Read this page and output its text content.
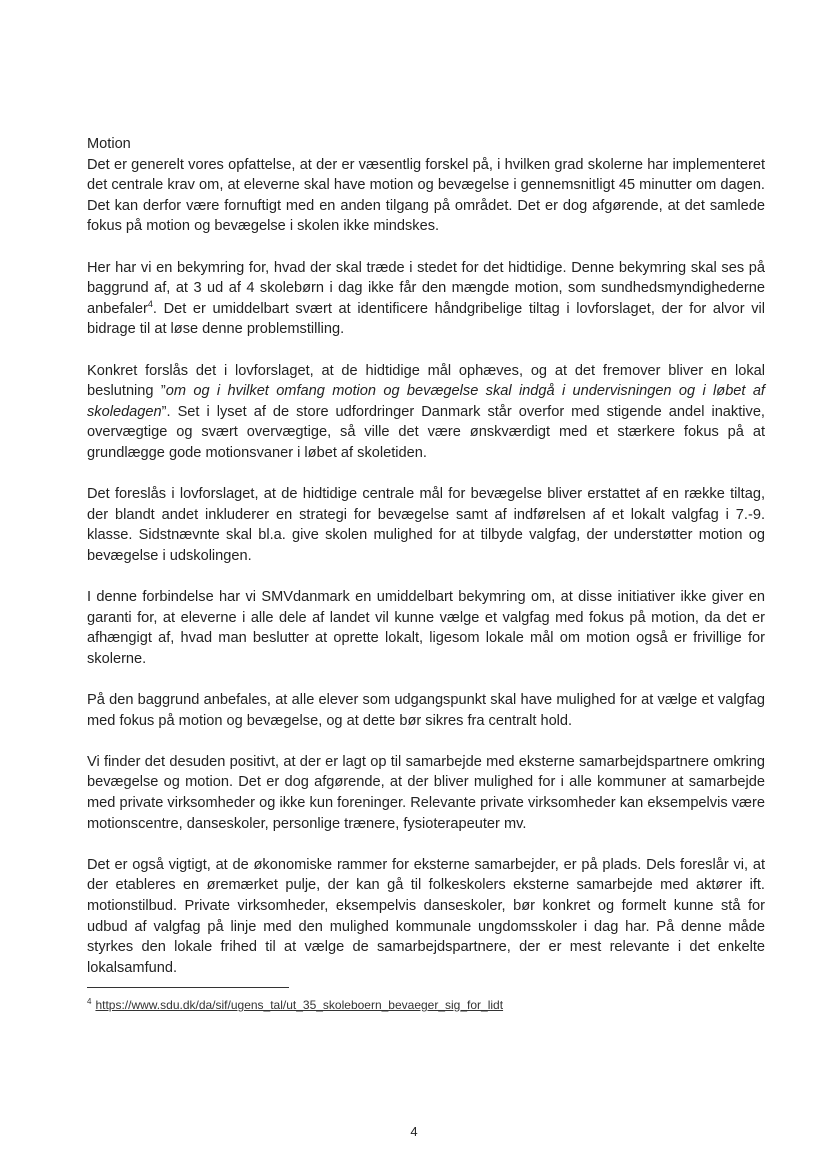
Motion

Det er generelt vores opfattelse, at der er væsentlig forskel på, i hvilken grad skolerne har implementeret det centrale krav om, at eleverne skal have motion og bevægelse i gennemsnitligt 45 minutter om dagen. Det kan derfor være fornuftigt med en anden tilgang på området. Det er dog afgørende, at det samlede fokus på motion og bevægelse i skolen ikke mindskes.

Her har vi en bekymring for, hvad der skal træde i stedet for det hidtidige. Denne bekymring skal ses på baggrund af, at 3 ud af 4 skolebørn i dag ikke får den mængde motion, som sundhedsmyndighederne anbefaler$^4$. Det er umiddelbart svært at identificere håndgribelige tiltag i lovforslaget, der for alvor vil bidrage til at løse denne problemstilling.

Konkret forslås det i lovforslaget, at de hidtidige mål ophæves, og at det fremover bliver en lokal beslutning ”om og i hvilket omfang motion og bevægelse skal indgå i undervisningen og i løbet af skoledagen”. Set i lyset af de store udfordringer Danmark står overfor med stigende andel inaktive, overvægtige og svært overvægtige, så ville det være ønskværdigt med et stærkere fokus på at grundlægge gode motionsvaner i løbet af skoletiden.

Det foreslås i lovforslaget, at de hidtidige centrale mål for bevægelse bliver erstattet af en række tiltag, der blandt andet inkluderer en strategi for bevægelse samt af indførelsen af et lokalt valgfag i 7.-9. klasse. Sidstnævnte skal bl.a. give skolen mulighed for at tilbyde valgfag, der understøtter motion og bevægelse i udskolingen.

I denne forbindelse har vi SMVdanmark en umiddelbart bekymring om, at disse initiativer ikke giver en garanti for, at eleverne i alle dele af landet vil kunne vælge et valgfag med fokus på motion, da det er afhængigt af, hvad man beslutter at oprette lokalt, ligesom lokale mål om motion også er frivillige for skolerne.

På den baggrund anbefales, at alle elever som udgangspunkt skal have mulighed for at vælge et valgfag med fokus på motion og bevægelse, og at dette bør sikres fra centralt hold.

Vi finder det desuden positivt, at der er lagt op til samarbejde med eksterne samarbejdspartnere omkring bevægelse og motion. Det er dog afgørende, at der bliver mulighed for i alle kommuner at samarbejde med private virksomheder og ikke kun foreninger. Relevante private virksomheder kan eksempelvis være motionscentre, danseskoler, personlige trænere, fysioterapeuter mv.

Det er også vigtigt, at de økonomiske rammer for eksterne samarbejder, er på plads. Dels foreslår vi, at der etableres en øremærket pulje, der kan gå til folkeskolers eksterne samarbejde med aktører ift. motionstilbud. Private virksomheder, eksempelvis danseskoler, bør konkret og formelt kunne stå for udbud af valgfag på linje med den mulighed kommunale ungdomsskoler i dag har. På denne måde styrkes den lokale frihed til at vælge de samarbejdspartnere, der er mest relevante i det enkelte lokalsamfund.

$^4$ https://www.sdu.dk/da/sif/ugens_tal/ut_35_skoleboern_bevaeger_sig_for_lidt
4
